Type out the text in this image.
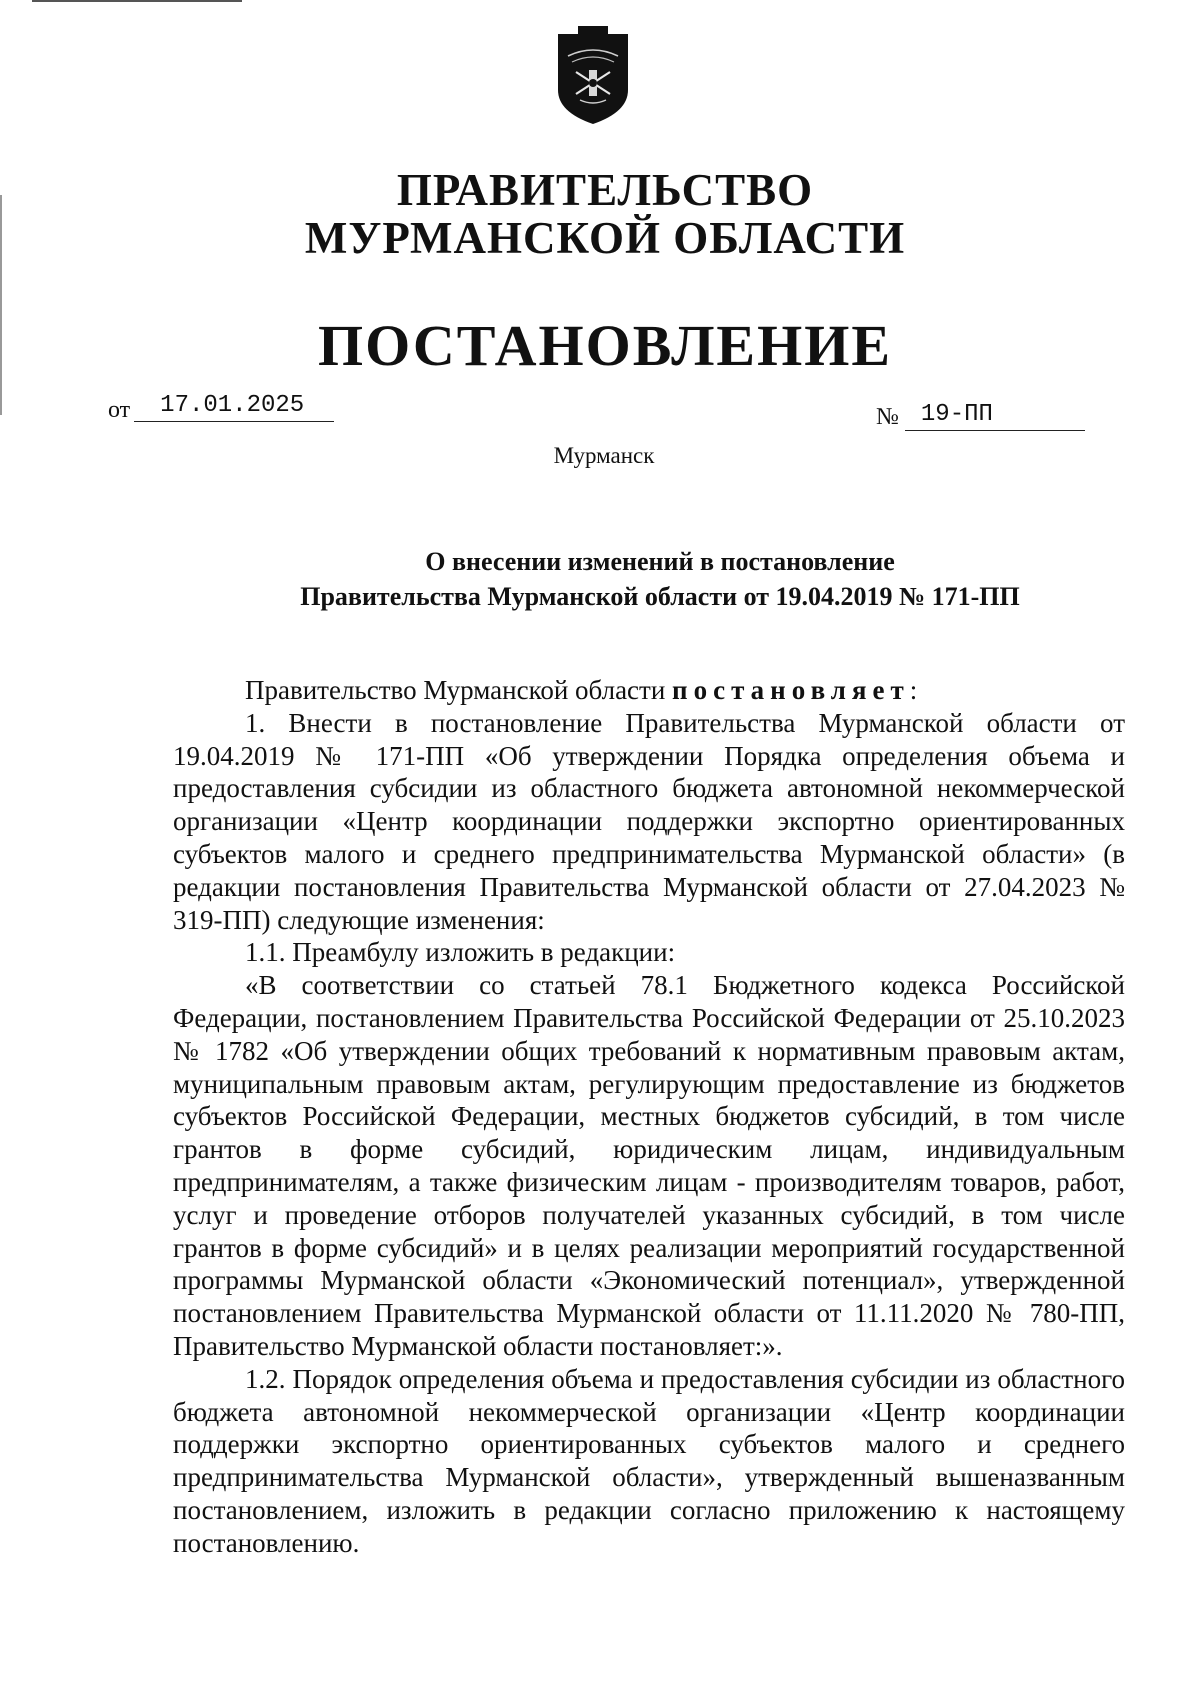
ПРАВИТЕЛЬСТВО
МУРМАНСКОЙ ОБЛАСТИ
ПОСТАНОВЛЕНИЕ
от	17.01.2025	№ 19-ПП

Мурманск

О внесении изменений в постановление
Правительства Мурманской области от 19.04.2019 № 171-ПП

Правительство Мурманской области постановляет:

1. Внести в постановление Правительства Мурманской области от 19.04.2019 № 171-ПП «Об утверждении Порядка определения объема и предоставления субсидии из областного бюджета автономной некоммерческой организации «Центр координации поддержки экспортно ориентированных субъектов малого и среднего предпринимательства Мурманской области» (в редакции постановления Правительства Мурманской области от 27.04.2023 № 319-ПП) следующие изменения:

1.1. Преамбулу изложить в редакции:

«В соответствии со статьей 78.1 Бюджетного кодекса Российской Федерации, постановлением Правительства Российской Федерации от 25.10.2023 № 1782 «Об утверждении общих требований к нормативным правовым актам, муниципальным правовым актам, регулирующим предоставление из бюджетов субъектов Российской Федерации, местных бюджетов субсидий, в том числе грантов в форме субсидий, юридическим лицам, индивидуальным предпринимателям, а также физическим лицам - производителям товаров, работ, услуг и проведение отборов получателей указанных субсидий, в том числе грантов в форме субсидий» и в целях реализации мероприятий государственной программы Мурманской области «Экономический потенциал», утвержденной постановлением Правительства Мурманской области от 11.11.2020 № 780-ПП, Правительство Мурманской области постановляет:».

1.2. Порядок определения объема и предоставления субсидии из областного бюджета автономной некоммерческой организации «Центр координации поддержки экспортно ориентированных субъектов малого и среднего предпринимательства Мурманской области», утвержденный вышеназванным постановлением, изложить в редакции согласно приложению к настоящему постановлению.
